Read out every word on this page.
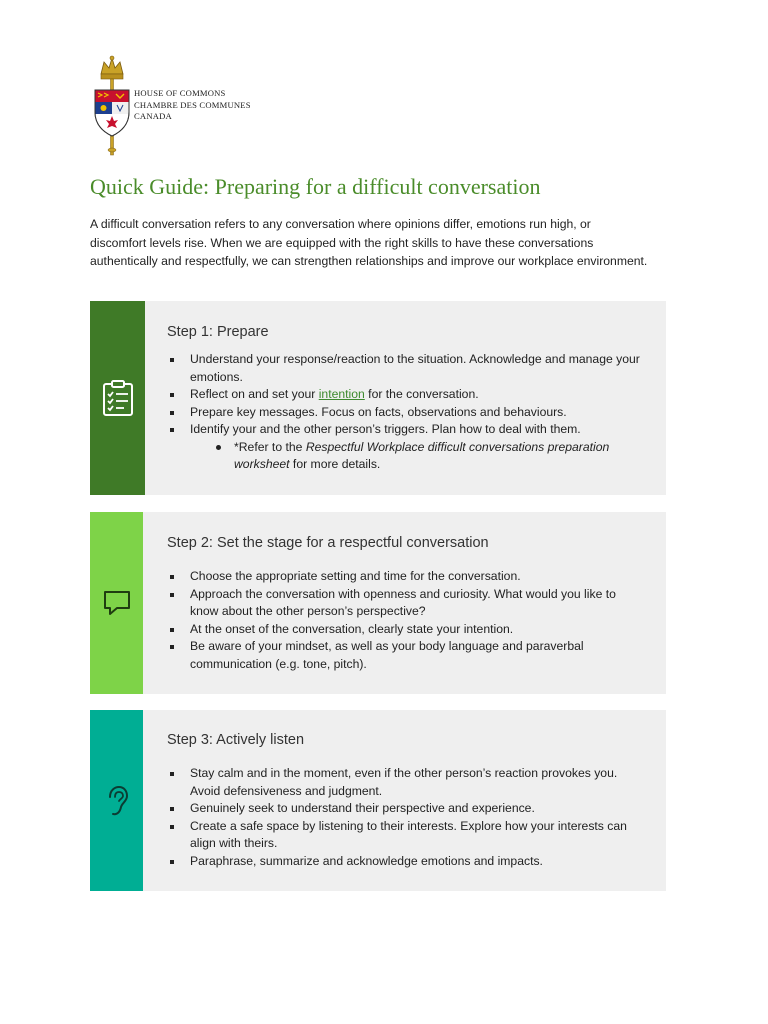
HOUSE OF COMMONS
CHAMBRE DES COMMUNES
CANADA
Quick Guide: Preparing for a difficult conversation

A difficult conversation refers to any conversation where opinions differ, emotions run high, or discomfort levels rise. When we are equipped with the right skills to have these conversations authentically and respectfully, we can strengthen relationships and improve our workplace environment.

Step 1: Prepare
Understand your response/reaction to the situation. Acknowledge and manage your emotions.
Reflect on and set your intention for the conversation.
Prepare key messages. Focus on facts, observations and behaviours.
Identify your and the other person’s triggers. Plan how to deal with them.
*Refer to the Respectful Workplace difficult conversations preparation worksheet for more details.
Step 2: Set the stage for a respectful conversation
Choose the appropriate setting and time for the conversation.
Approach the conversation with openness and curiosity. What would you like to know about the other person’s perspective?
At the onset of the conversation, clearly state your intention.
Be aware of your mindset, as well as your body language and paraverbal communication (e.g. tone, pitch).
Step 3: Actively listen
Stay calm and in the moment, even if the other person’s reaction provokes you. Avoid defensiveness and judgment.
Genuinely seek to understand their perspective and experience.
Create a safe space by listening to their interests. Explore how your interests can align with theirs.
Paraphrase, summarize and acknowledge emotions and impacts.
